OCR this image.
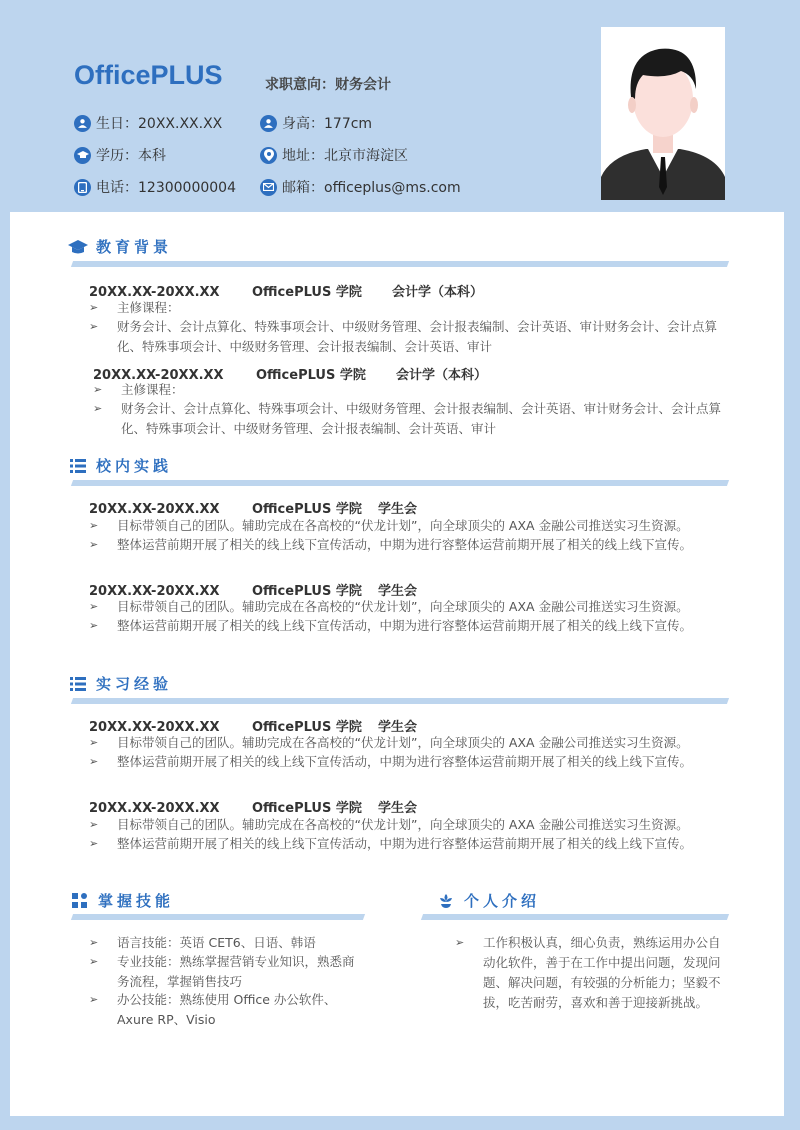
OfficePLUS	求职意向：财务会计
生日：20XX.XX.XX	身高：177cm
学历：本科	地址：北京市海淀区
电话：12300000004	邮箱：officeplus@ms.com
教育背景
20XX.XX-20XX.XX OfficePLUS 学院 会计学（本科）
➢	主修课程：
➢	财务会计、会计点算化、特殊事项会计、中级财务管理、会计报表编制、会计英语、审计财务会计、会计点算化、特殊事项会计、中级财务管理、会计报表编制、会计英语、审计
20XX.XX-20XX.XX OfficePLUS 学院 会计学（本科）
➢	主修课程：
➢	财务会计、会计点算化、特殊事项会计、中级财务管理、会计报表编制、会计英语、审计财务会计、会计点算化、特殊事项会计、中级财务管理、会计报表编制、会计英语、审计
校内实践
20XX.XX-20XX.XX OfficePLUS 学院 学生会
➢	目标带领自己的团队。辅助完成在各高校的“伏龙计划”，向全球顶尖的 AXA 金融公司推送实习生资源。
➢	整体运营前期开展了相关的线上线下宣传活动，中期为进行容整体运营前期开展了相关的线上线下宣传。
20XX.XX-20XX.XX OfficePLUS 学院 学生会
➢	目标带领自己的团队。辅助完成在各高校的“伏龙计划”，向全球顶尖的 AXA 金融公司推送实习生资源。
➢	整体运营前期开展了相关的线上线下宣传活动，中期为进行容整体运营前期开展了相关的线上线下宣传。
实习经验
20XX.XX-20XX.XX OfficePLUS 学院 学生会
➢	目标带领自己的团队。辅助完成在各高校的“伏龙计划”，向全球顶尖的 AXA 金融公司推送实习生资源。
➢	整体运营前期开展了相关的线上线下宣传活动，中期为进行容整体运营前期开展了相关的线上线下宣传。
20XX.XX-20XX.XX OfficePLUS 学院 学生会
➢	目标带领自己的团队。辅助完成在各高校的“伏龙计划”，向全球顶尖的 AXA 金融公司推送实习生资源。
➢	整体运营前期开展了相关的线上线下宣传活动，中期为进行容整体运营前期开展了相关的线上线下宣传。
掌握技能
➢	语言技能：英语 CET6、日语、韩语
➢	专业技能：熟练掌握营销专业知识，熟悉商务流程，掌握销售技巧
➢	办公技能：熟练使用 Office 办公软件、Axure RP、Visio
个人介绍
➢	工作积极认真，细心负责，熟练运用办公自动化软件，善于在工作中提出问题，发现问题、解决问题，有较强的分析能力；坚毅不拔，吃苦耐劳，喜欢和善于迎接新挑战。
